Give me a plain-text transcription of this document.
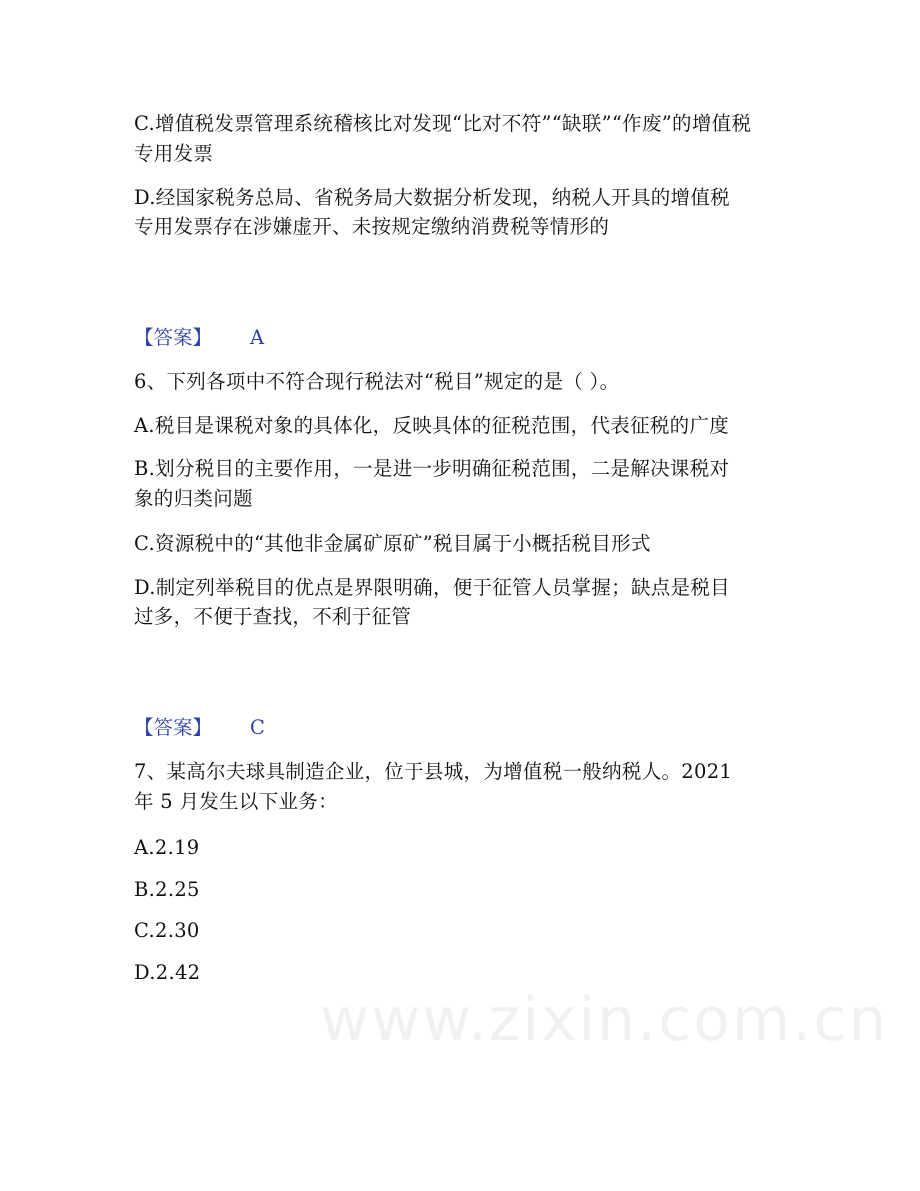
C.增值税发票管理系统稽核比对发现“比对不符”“缺联”“作废”的增值税
专用发票
D.经国家税务总局、省税务局大数据分析发现，纳税人开具的增值税
专用发票存在涉嫌虚开、未按规定缴纳消费税等情形的
【答案】 A
6、下列各项中不符合现行税法对“税目”规定的是（ ）。
A.税目是课税对象的具体化，反映具体的征税范围，代表征税的广度
B.划分税目的主要作用，一是进一步明确征税范围，二是解决课税对
象的归类问题
C.资源税中的“其他非金属矿原矿”税目属于小概括税目形式
D.制定列举税目的优点是界限明确，便于征管人员掌握；缺点是税目
过多，不便于查找，不利于征管
【答案】 C
7、某高尔夫球具制造企业，位于县城，为增值税一般纳税人。2021
年 5 月发生以下业务：
A.2.19
B.2.25
C.2.30
D.2.42
www.zixin.com.cn
